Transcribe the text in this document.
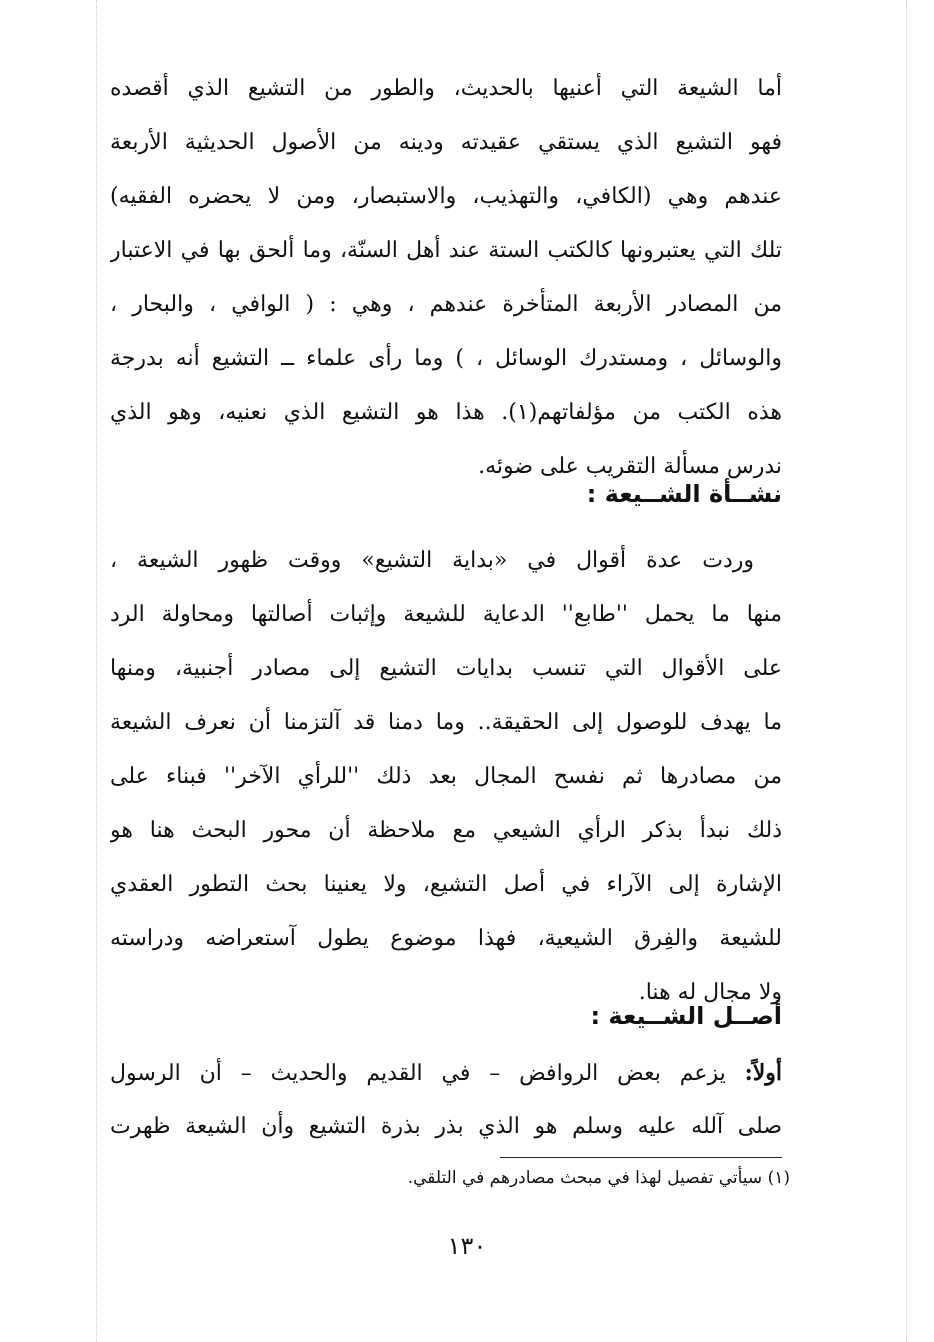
أما الشيعة التي أعنيها بالحديث، والطور من التشيع الذي أقصده
فهو التشيع الذي يستقي عقيدته ودينه من الأصول الحديثية الأربعة
عندهم وهي (الكافي، والتهذيب، والاستبصار، ومن لا يحضره الفقيه)
تلك التي يعتبرونها كالكتب الستة عند أهل السنّة، وما ألحق بها في الاعتبار
من المصادر الأربعة المتأخرة عندهم ، وهي : ( الوافي ، والبحار ،
والوسائل ، ومستدرك الوسائل ، ) وما رأى علماء ــ التشيع أنه بدرجة
هذه الكتب من مؤلفاتهم(١). هذا هو التشيع الذي نعنيه، وهو الذي
ندرس مسألة التقريب على ضوئه.
نشــأة الشــيعة :
وردت عدة أقوال في «بداية التشيع» ووقت ظهور الشيعة ،
منها ما يحمل ''طابع'' الدعاية للشيعة وإثبات أصالتها ومحاولة الرد
على الأقوال التي تنسب بدايات التشيع إلى مصادر أجنبية، ومنها
ما يهدف للوصول إلى الحقيقة.. وما دمنا قد آلتزمنا أن نعرف الشيعة
من مصادرها ثم نفسح المجال بعد ذلك ''للرأي الآخر'' فبناء على
ذلك نبدأ بذكر الرأي الشيعي مع ملاحظة أن محور البحث هنا هو
الإشارة إلى الآراء في أصل التشيع، ولا يعنينا بحث التطور العقدي
للشيعة والفِرق الشيعية، فهذا موضوع يطول آستعراضه ودراسته
ولا مجال له هنا.
أصــل الشــيعة :
أولاً: يزعم بعض الروافض – في القديم والحديث – أن الرسول
صلى آلله عليه وسلم هو الذي بذر بذرة التشيع وأن الشيعة ظهرت
(١) سيأتي تفصيل لهذا في مبحث مصادرهم في التلقي.
١٣٠
